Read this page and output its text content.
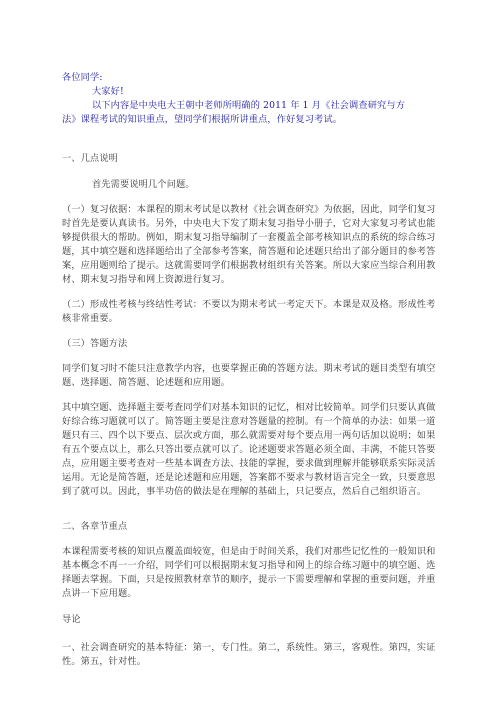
各位同学:
大家好!
以下内容是中央电大王朝中老师所明确的 2011 年 1 月《社会调查研究与方
法》课程考试的知识重点，望同学们根据所讲重点，作好复习考试。
一、几点说明
首先需要说明几个问题。
（一）复习依据：本课程的期末考试是以教材《社会调查研究》为依据，因此，同学们复习
时首先是要认真读书。另外，中央电大下发了期末复习指导小册子，它对大家复习考试也能
够提供很大的帮助。例如，期末复习指导编制了一套覆盖全部考核知识点的系统的综合练习
题，其中填空题和选择题给出了全部参考答案，简答题和论述题只给出了部分题目的参考答
案，应用题则给了提示。这就需要同学们根据教材组织有关答案。所以大家应当综合利用教
材、期末复习指导和网上资源进行复习。
（二）形成性考核与终结性考试：不要以为期末考试一考定天下。本课是双及格。形成性考
核非常重要。
（三）答题方法
同学们复习时不能只注意教学内容，也要掌握正确的答题方法。期末考试的题目类型有填空
题、选择题、简答题、论述题和应用题。
其中填空题、选择题主要考查同学们对基本知识的记忆，相对比较简单。同学们只要认真做
好综合练习题就可以了。简答题主要是注意对答题量的控制。有一个简单的办法：如果一道
题只有三、四个以下要点、层次或方面，那么就需要对每个要点用一两句话加以说明；如果
有五个要点以上，那么只答出要点就可以了。论述题要求答题必须全面、丰满，不能只答要
点，应用题主要考查对一些基本调查方法、技能的掌握，要求做到理解并能够联系实际灵活
运用。无论是简答题，还是论述题和应用题，答案都不要求与教材语言完全一致，只要意思
到了就可以。因此，事半功倍的做法是在理解的基础上，只记要点，然后自己组织语言。
二、各章节重点
本课程需要考核的知识点覆盖面较宽，但是由于时间关系，我们对那些记忆性的一般知识和
基本概念不再一一介绍，同学们可以根据期末复习指导和网上的综合练习题中的填空题、选
择题去掌握。下面，只是按照教材章节的顺序，提示一下需要理解和掌握的重要问题，并重
点讲一下应用题。
导论
一、社会调查研究的基本特征：第一，专门性。第二，系统性。第三，客观性。第四，实证
性。第五，针对性。
